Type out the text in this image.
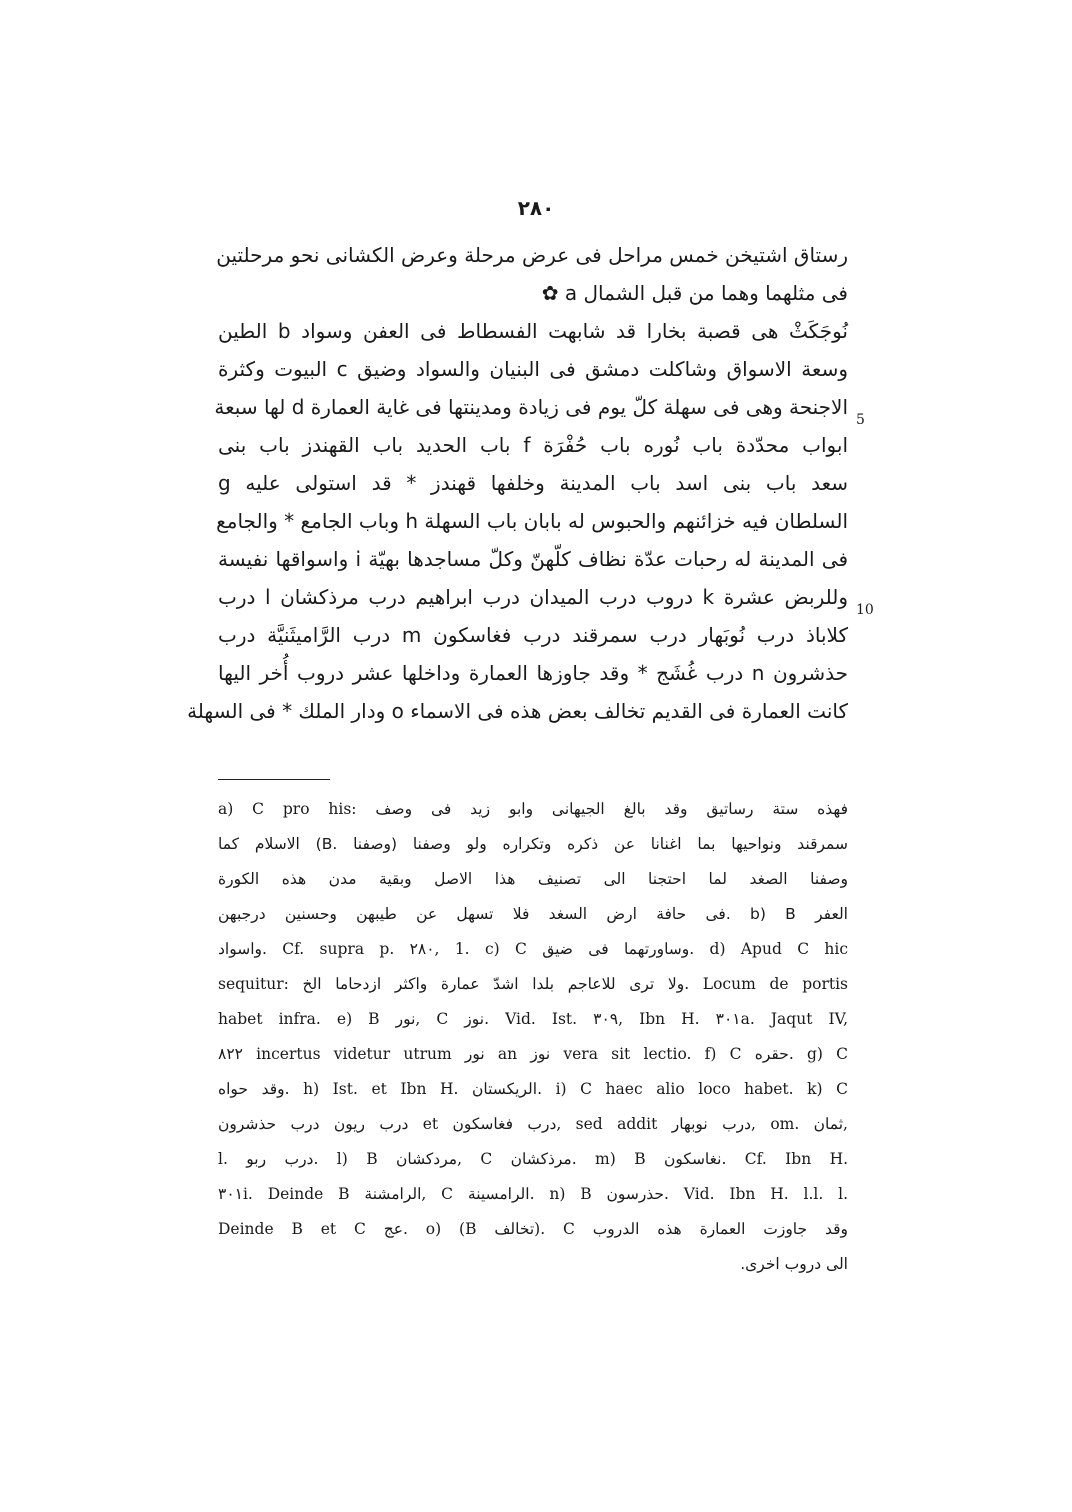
۲۸۰
رستاق اشتيخن خمس مراحل فى عرض مرحلة وعرض الكشانى نحو مرحلتين
فى مثلهما وهما من قبل الشمال a ✿
نُوجَكَثْ هى قصبة بخارا قد شابهت الفسطاط فى العفن وسواد b الطين
وسعة الاسواق وشاكلت دمشق فى البنيان والسواد وضيق c البيوت وكثرة
الاجنحة وهى فى سهلة كلّ يوم فى زيادة ومدينتها فى غاية العمارة d لها سبعة
ابواب محدّدة باب نُوره باب حُفْرَة f باب الحديد باب القهندز باب بنى
سعد باب بنى اسد باب المدينة وخلفها قهندز * قد استولى عليه g
السلطان فيه خزائنهم والحبوس له بابان باب السهلة h وباب الجامع * والجامع
فى المدينة له رحبات عدّة نظاف كلّهنّ وكلّ مساجدها بهيّة i واسواقها نفيسة
وللربض عشرة k دروب درب الميدان درب ابراهيم درب مرذكشان l درب
كلاباذ درب نُوبَهار درب سمرقند درب فغاسكون m درب الرَّاميثَنيَّة درب
حذشرون n درب غُشَج * وقد جاوزها العمارة وداخلها عشر دروب أُخر اليها
كانت العمارة فى القديم تخالف بعض هذه فى الاسماء o ودار الملك * فى السهلة
5
10
a) C pro his: فهذه ستة رساتيق وقد بالغ الجيهانى وابو زيد فى وصف
سمرقند ونواحيها بما اغنانا عن ذكره وتكراره ولو وصفنا (وصفنا .B) الاسلام كما
وصفنا الصغد لما احتجنا الى تصنيف هذا الاصل وبقية مدن هذه الكورة
العفر b) B .فى حافة ارض السغد فلا تسهل عن طيبهن وحسنين درجبهن
واسواد. Cf. supra p. ۲۸۰, 1. c) C وساورتهما فى ضيق. d) Apud C hic
sequitur: ولا ترى للاعاجم بلدا اشدّ عمارة واكثر ازدحاما الخ. Locum de portis
habet infra. e) B نور, C نوز. Vid. Ist. ۳۰۹, Ibn H. ۳۰۱a. Jaqut IV,
۸۲۲ incertus videtur utrum نور an نوز vera sit lectio. f) C حقره. g) C
وقد حواه. h) Ist. et Ibn H. الريكستان. i) C haec alio loco habet. k) C
درب ريون درب حذشرون et درب فغاسكون, sed addit درب نوبهار, om. ثمان,
l. درب ربو. l) B مردكشان, C مرذكشان. m) B نغاسكون. Cf. Ibn H.
۳۰۱i. Deinde B الرامشنة, C الرامسينة. n) B حذرسون. Vid. Ibn H. l.l. l.
Deinde B et C عج. o) (B تخالف). C وقد جاوزت العمارة هذه الدروب
الى دروب اخرى.
